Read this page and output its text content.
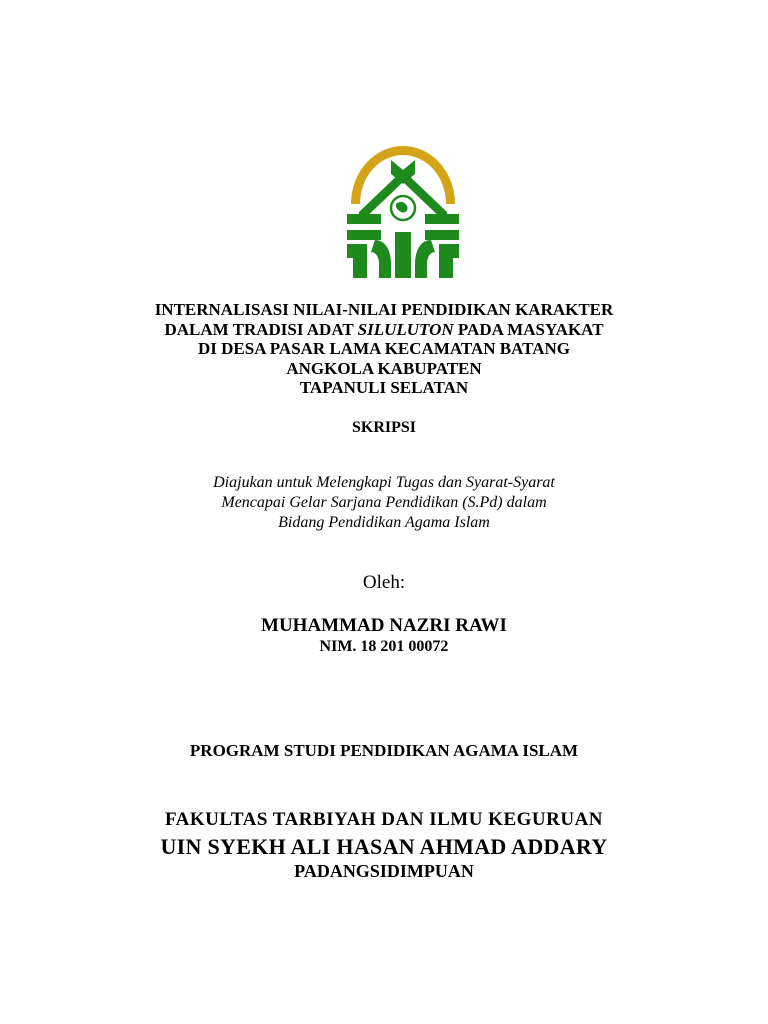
INTERNALISASI NILAI-NILAI PENDIDIKAN KARAKTER
DALAM TRADISI ADAT SILULUTON PADA MASYAKAT
DI DESA PASAR LAMA KECAMATAN BATANG
ANGKOLA KABUPATEN
TAPANULI SELATAN
SKRIPSI
Diajukan untuk Melengkapi Tugas dan Syarat-Syarat
Mencapai Gelar Sarjana Pendidikan (S.Pd) dalam
Bidang Pendidikan Agama Islam
Oleh:
MUHAMMAD NAZRI RAWI
NIM. 18 201 00072
PROGRAM STUDI PENDIDIKAN AGAMA ISLAM
FAKULTAS TARBIYAH DAN ILMU KEGURUAN
UIN SYEKH ALI HASAN AHMAD ADDARY
PADANGSIDIMPUAN
